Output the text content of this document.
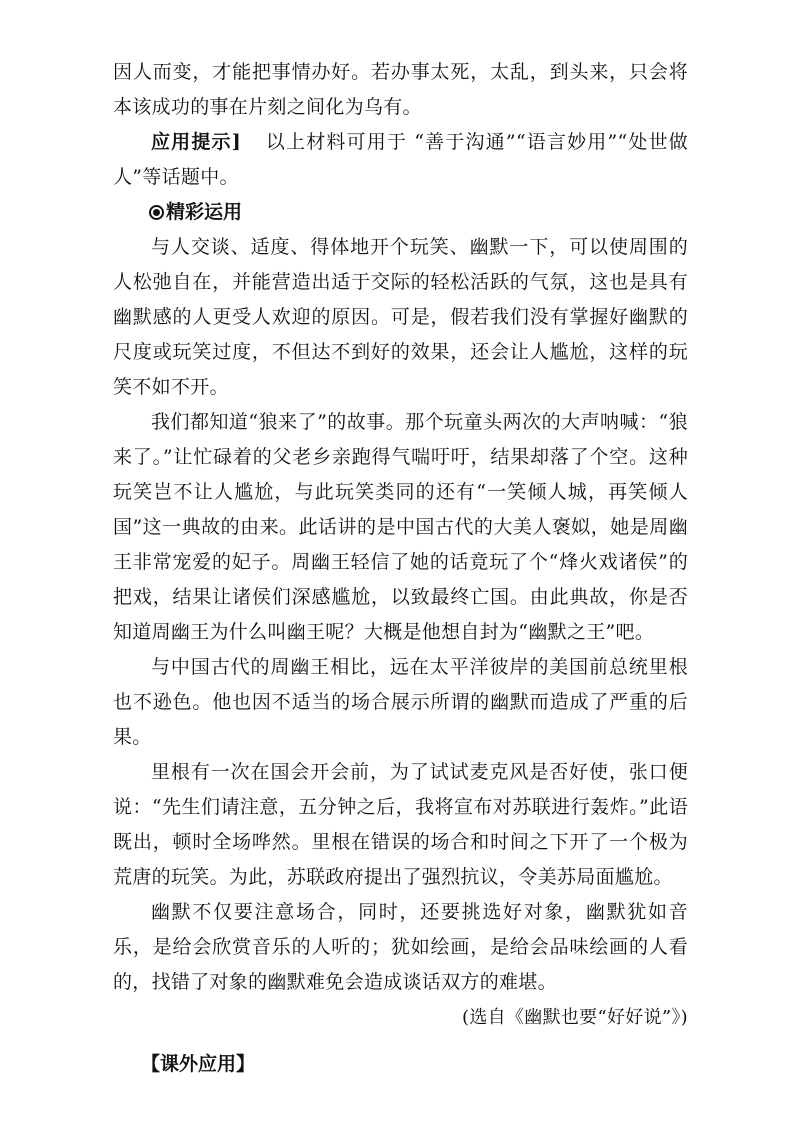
因人而变，才能把事情办好。若办事太死，太乱，到头来，只会将本该成功的事在片刻之间化为乌有。

应用提示] 以上材料可用于 “善于沟通”“语言妙用”“处世做人”等话题中。

精彩运用

与人交谈、适度、得体地开个玩笑、幽默一下，可以使周围的人松弛自在，并能营造出适于交际的轻松活跃的气氛，这也是具有幽默感的人更受人欢迎的原因。可是，假若我们没有掌握好幽默的尺度或玩笑过度，不但达不到好的效果，还会让人尴尬，这样的玩笑不如不开。

我们都知道“狼来了”的故事。那个玩童头两次的大声呐喊：“狼来了。”让忙碌着的父老乡亲跑得气喘吁吁，结果却落了个空。这种玩笑岂不让人尴尬，与此玩笑类同的还有“一笑倾人城，再笑倾人国”这一典故的由来。此话讲的是中国古代的大美人褒姒，她是周幽王非常宠爱的妃子。周幽王轻信了她的话竟玩了个“烽火戏诸侯”的把戏，结果让诸侯们深感尴尬，以致最终亡国。由此典故，你是否知道周幽王为什么叫幽王呢？大概是他想自封为“幽默之王”吧。

与中国古代的周幽王相比，远在太平洋彼岸的美国前总统里根也不逊色。他也因不适当的场合展示所谓的幽默而造成了严重的后果。

里根有一次在国会开会前，为了试试麦克风是否好使，张口便说：“先生们请注意，五分钟之后，我将宣布对苏联进行轰炸。”此语既出，顿时全场哗然。里根在错误的场合和时间之下开了一个极为荒唐的玩笑。为此，苏联政府提出了强烈抗议，令美苏局面尴尬。

幽默不仅要注意场合，同时，还要挑选好对象，幽默犹如音乐，是给会欣赏音乐的人听的；犹如绘画，是给会品味绘画的人看的，找错了对象的幽默难免会造成谈话双方的难堪。

(选自《幽默也要“好好说”》)

【课外应用】
